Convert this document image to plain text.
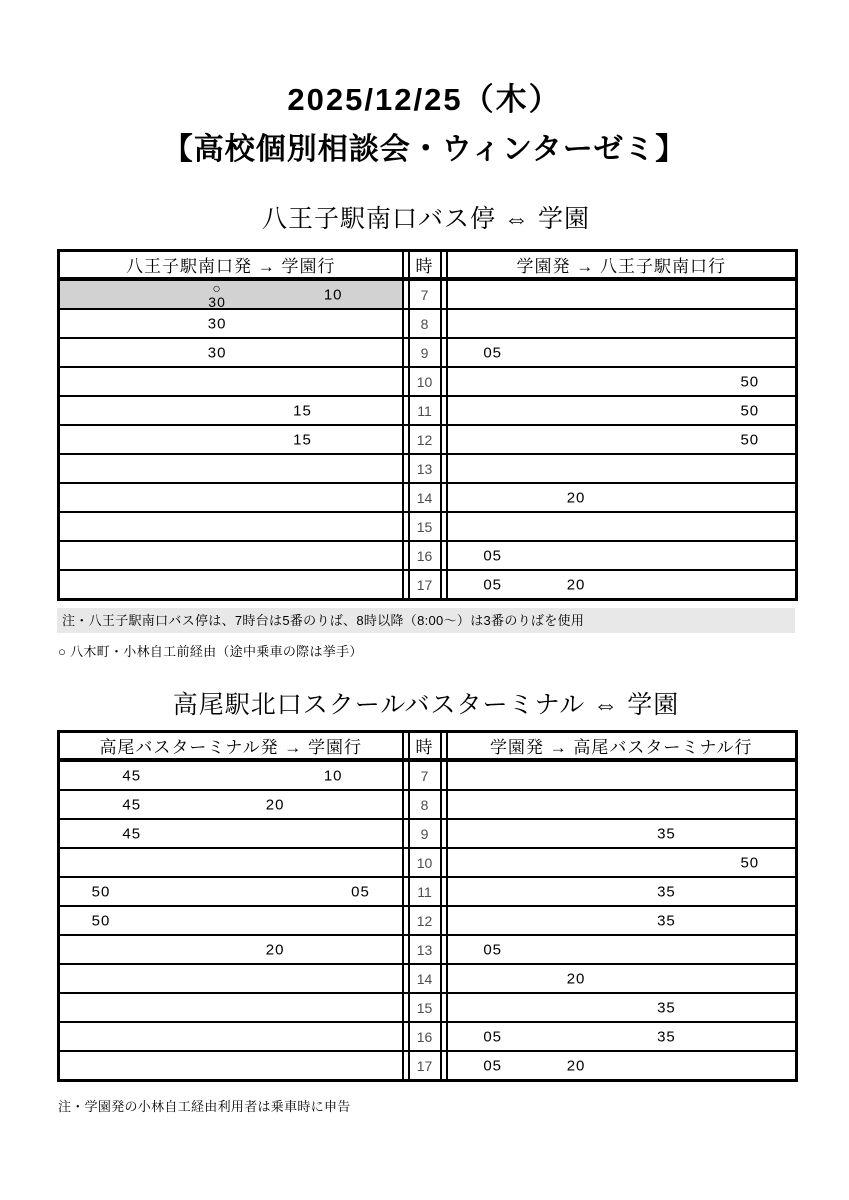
2025/12/25（木）
【高校個別相談会・ウィンターゼミ】
八王子駅南口バス停 ⇔ 学園
八王子駅南口発 → 学園行		時		学園発 → 八王子駅南口行

○
30 10		7		

30		8		

30		9		05

		10		50

15		11		50

15		12		50

		13		
		14		20

		15		
		16		05

		17		05 20
注・八王子駅南口バス停は、7時台は5番のりば、8時以降（8:00～）は3番のりばを使用
○ 八木町・小林自工前経由（途中乗車の際は挙手）
高尾駅北口スクールバスターミナル ⇔ 学園
高尾バスターミナル発 → 学園行		時		学園発 → 高尾バスターミナル行

45 10		7		

45 20		8		

45		9		35

		10		50

50 05		11		35

50		12		35

20		13		05

		14		20

		15		35

		16		05 35

		17		05 20
注・学園発の小林自工経由利用者は乗車時に申告
